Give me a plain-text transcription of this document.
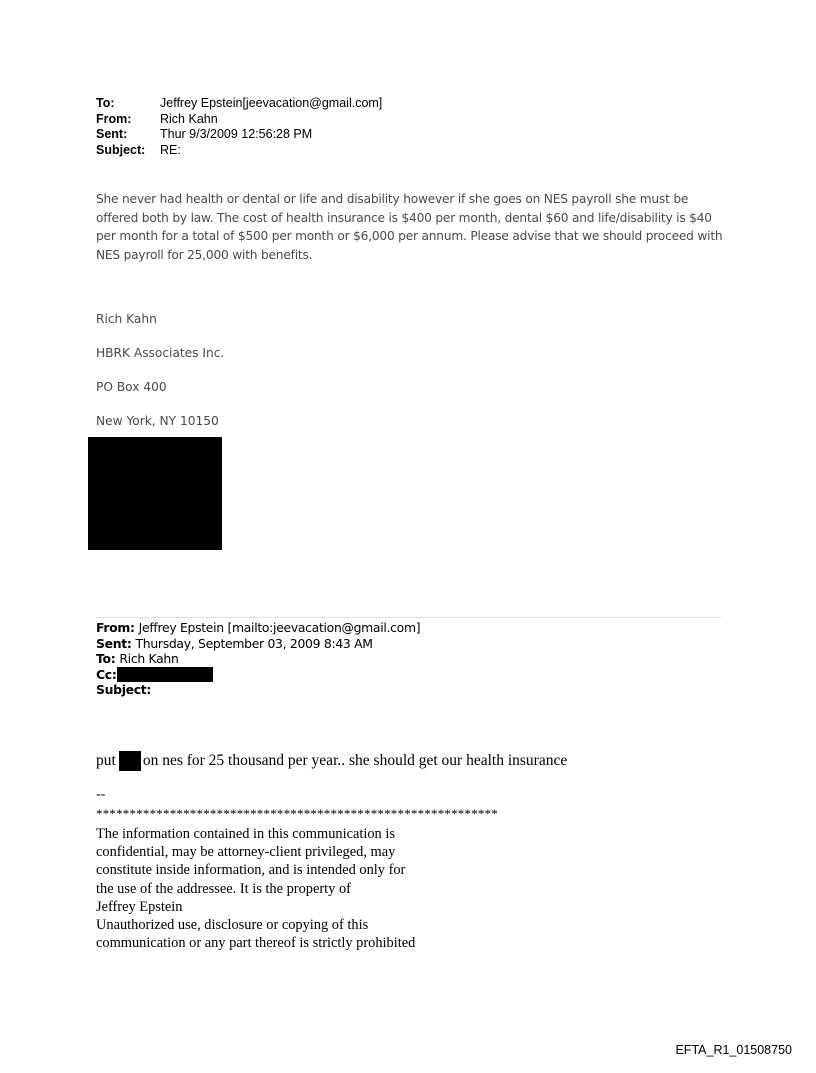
To:	Jeffrey Epstein[jeevacation@gmail.com]
From:	Rich Kahn
Sent:	Thur 9/3/2009 12:56:28 PM
Subject:	RE:
She never had health or dental or life and disability however if she goes on NES payroll she must be offered both by law. The cost of health insurance is $400 per month, dental $60 and life/disability is $40 per month for a total of $500 per month or $6,000 per annum. Please advise that we should proceed with NES payroll for 25,000 with benefits.
Rich Kahn
HBRK Associates Inc.
PO Box 400
New York, NY 10150
From: Jeffrey Epstein [mailto:jeevacation@gmail.com]
Sent: Thursday, September 03, 2009 8:43 AM
To: Rich Kahn
Cc:
Subject:
put on nes for 25 thousand per year.. she should get our health insurance
--
************************************************************
The information contained in this communication is
confidential, may be attorney-client privileged, may
constitute inside information, and is intended only for
the use of the addressee. It is the property of
Jeffrey Epstein
Unauthorized use, disclosure or copying of this
communication or any part thereof is strictly prohibited
EFTA_R1_01508750
